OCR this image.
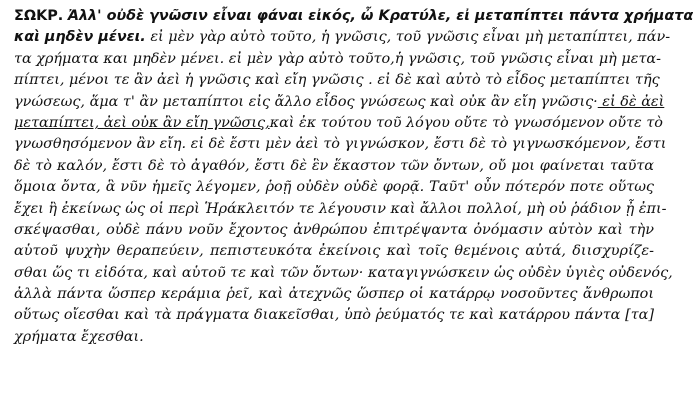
ΣΩΚΡ. Ἀλλ' οὐδὲ γνῶσιν εἶναι φάναι εἰκός, ὦ Κρατύλε, εἰ μεταπίπτει πάντα χρήματα
καὶ μηδὲν μένει. εἰ μὲν γὰρ αὐτὸ τοῦτο, ἡ γνῶσις, τοῦ γνῶσις εἶναι μὴ μεταπίπτει, πάν-
τα χρήματα και μηδὲν μένει. εἰ μὲν γὰρ αὐτὸ τοῦτο,ἡ γνῶσις, τοῦ γνῶσις εἶναι μὴ μετα-
πίπτει, μένοι τε ἂν ἀεὶ ἡ γνῶσις καὶ εἴη γνῶσις . εἰ δὲ καὶ αὐτὸ τὸ εἶδος μεταπίπτει τῆς
γνώσεως, ἅμα τ' ἂν μεταπίπτοι εἰς ἄλλο εἶδος γνώσεως καὶ οὐκ ἂν εἴη γνῶσις· εἰ δὲ ἀεὶ
μεταπίπτει, ἀεὶ οὐκ ἂν εἴη γνῶσις,καὶ ἐκ τούτου τοῦ λόγου οὔτε τὸ γνωσόμενον οὔτε τὸ
γνωσθησόμενον ἂν εἴη. εἰ δὲ ἔστι μὲν ἀεὶ τὸ γιγνώσκον, ἔστι δὲ τὸ γιγνωσκόμενον, ἔστι
δὲ τὸ καλόν, ἔστι δὲ τὸ ἀγαθόν, ἔστι δὲ ἓν ἕκαστον τῶν ὄντων, οὔ μοι φαίνεται ταῦτα
ὅμοια ὄντα, ἃ νῦν ἡμεῖς λέγομεν, ῥοῇ οὐδὲν οὐδὲ φορᾷ. Ταῦτ' οὖν πότερόν ποτε οὕτως
ἔχει ἢ ἐκείνως ὡς οἱ περὶ Ἡράκλειτόν τε λέγουσιν καὶ ἄλλοι πολλοί, μὴ οὐ ῥάδιον ᾖ ἐπι-
σκέψασθαι, οὐδὲ πάνυ νοῦν ἔχοντος ἀνθρώπου ἐπιτρέψαντα ὀνόμασιν αὑτὸν καὶ τὴν
αὑτοῦ ψυχὴν θεραπεύειν, πεπιστευκότα ἐκείνοις καὶ τοῖς θεμένοις αὐτά, διισχυρίζε-
σθαι ὥς τι εἰδότα, καὶ αὑτοῦ τε καὶ τῶν ὄντων· καταγιγνώσκειν ὡς οὐδὲν ὑγιὲς οὐδενός,
ἀλλὰ πάντα ὥσπερ κεράμια ῥεῖ, καὶ ἀτεχνῶς ὥσπερ οἱ κατάρρῳ νοσοῦντες ἄνθρωποι
οὕτως οἴεσθαι καὶ τὰ πράγματα διακεῖσθαι, ὑπὸ ῥεύματός τε καὶ κατάρρου πάντα [τα]
χρήματα ἔχεσθαι.
